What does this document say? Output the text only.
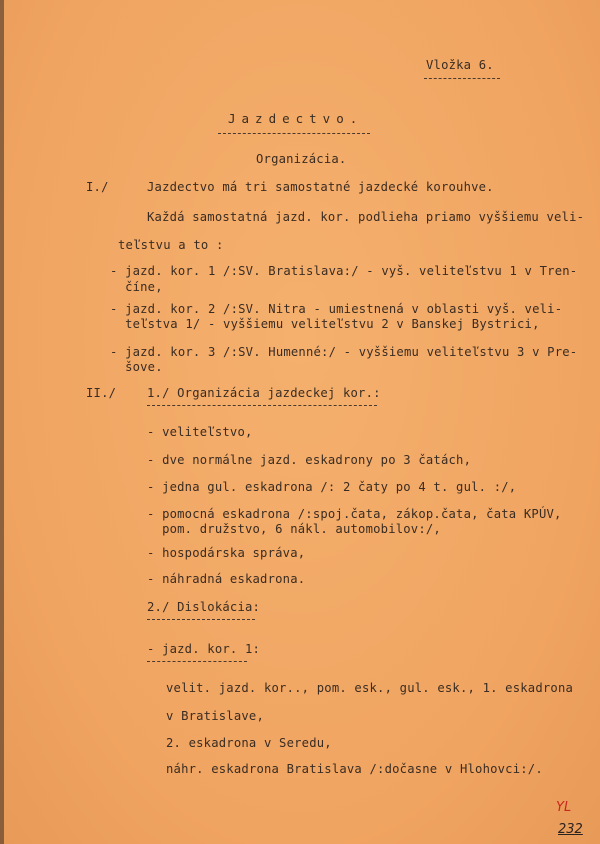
Vložka 6.
Jazdectvo.
Organizácia.
I./	Jazdectvo má tri samostatné jazdecké korouhve.
Každá samostatná jazd. kor. podlieha priamo vyššiemu veli-
teľstvu a to :
- jazd. kor. 1 /:SV. Bratislava:/ - vyš. veliteľstvu 1 v Tren-
číne,
- jazd. kor. 2 /:SV. Nitra - umiestnená v oblasti vyš. veli-
teľstva 1/ - vyššiemu veliteľstvu 2 v Banskej Bystrici,
- jazd. kor. 3 /:SV. Humenné:/ - vyššiemu veliteľstvu 3 v Pre-
šove.
II./	1./ Organizácia jazdeckej kor.:
- veliteľstvo,
- dve normálne jazd. eskadrony po 3 čatách,
- jedna gul. eskadrona /: 2 čaty po 4 t. gul. :/,
- pomocná eskadrona /:spoj.čata, zákop.čata, čata KPÚV,
pom. družstvo, 6 nákl. automobilov:/,
- hospodárska správa,
- náhradná eskadrona.
2./ Dislokácia:
- jazd. kor. 1:
velit. jazd. kor.., pom. esk., gul. esk., 1. eskadrona
v Bratislave,
2. eskadrona v Seredu,
náhr. eskadrona Bratislava /:dočasne v Hlohovci:/.
YL
232
